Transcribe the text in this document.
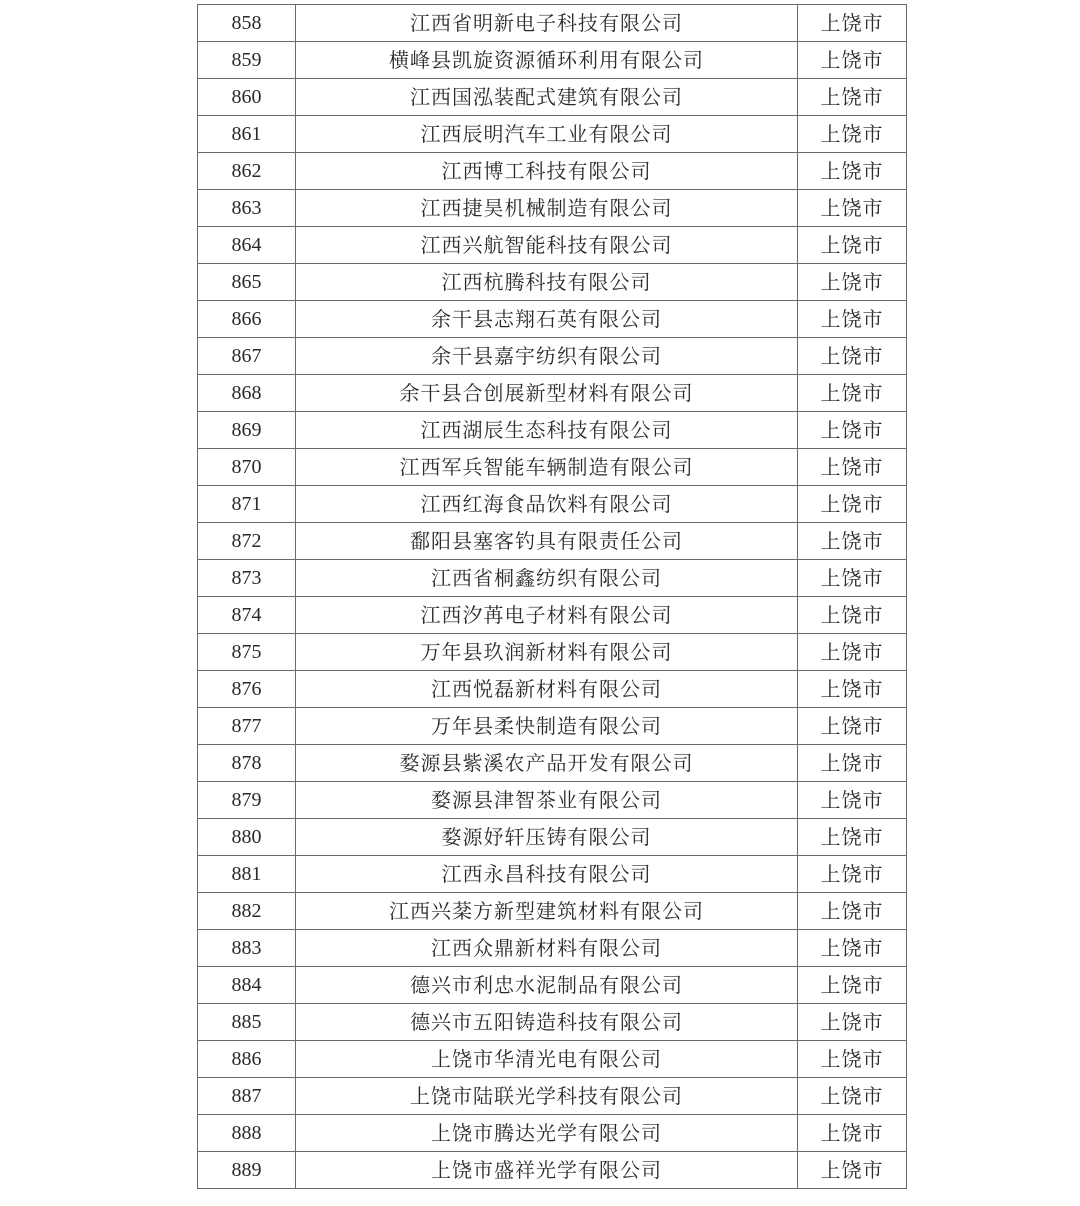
858	江西省明新电子科技有限公司	上饶市
859	横峰县凯旋资源循环利用有限公司	上饶市
860	江西国泓装配式建筑有限公司	上饶市
861	江西辰明汽车工业有限公司	上饶市
862	江西博工科技有限公司	上饶市
863	江西捷昊机械制造有限公司	上饶市
864	江西兴航智能科技有限公司	上饶市
865	江西杭腾科技有限公司	上饶市
866	余干县志翔石英有限公司	上饶市
867	余干县嘉宇纺织有限公司	上饶市
868	余干县合创展新型材料有限公司	上饶市
869	江西湖辰生态科技有限公司	上饶市
870	江西军兵智能车辆制造有限公司	上饶市
871	江西红海食品饮料有限公司	上饶市
872	鄱阳县塞客钓具有限责任公司	上饶市
873	江西省桐鑫纺织有限公司	上饶市
874	江西汐苒电子材料有限公司	上饶市
875	万年县玖润新材料有限公司	上饶市
876	江西悦磊新材料有限公司	上饶市
877	万年县柔快制造有限公司	上饶市
878	婺源县紫溪农产品开发有限公司	上饶市
879	婺源县津智茶业有限公司	上饶市
880	婺源妤轩压铸有限公司	上饶市
881	江西永昌科技有限公司	上饶市
882	江西兴棻方新型建筑材料有限公司	上饶市
883	江西众鼎新材料有限公司	上饶市
884	德兴市利忠水泥制品有限公司	上饶市
885	德兴市五阳铸造科技有限公司	上饶市
886	上饶市华清光电有限公司	上饶市
887	上饶市陆联光学科技有限公司	上饶市
888	上饶市腾达光学有限公司	上饶市
889	上饶市盛祥光学有限公司	上饶市
